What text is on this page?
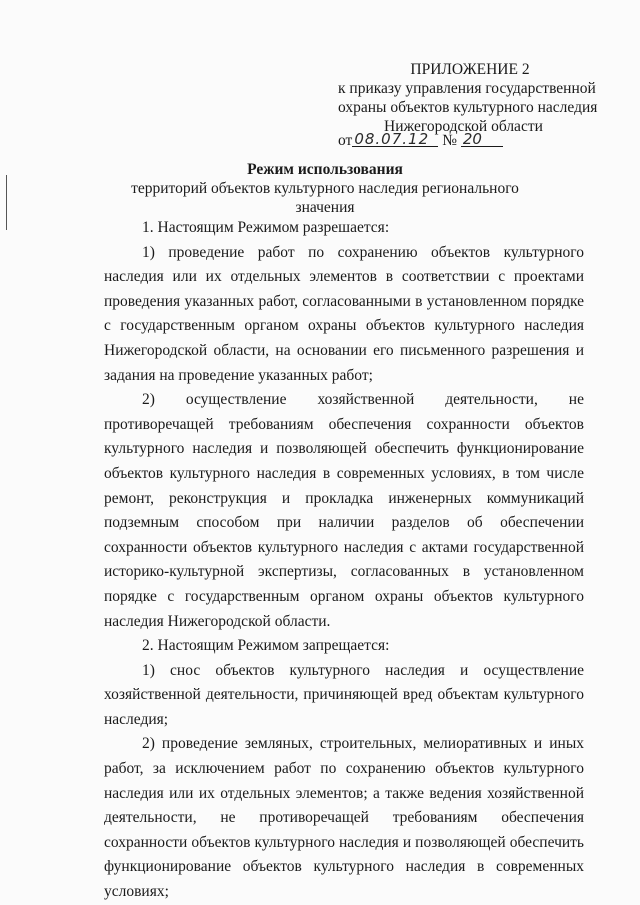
ПРИЛОЖЕНИЕ 2
к приказу управления государственной
охраны объектов культурного наследия
Нижегородской области
от 08.07.12 № 20
Режим использования
территорий объектов культурного наследия регионального значения

1. Настоящим Режимом разрешается:

1) проведение работ по сохранению объектов культурного наследия или их отдельных элементов в соответствии с проектами проведения указанных работ, согласованными в установленном порядке с государственным органом охраны объектов культурного наследия Нижегородской области, на основании его письменного разрешения и задания на проведение указанных работ;

2) осуществление хозяйственной деятельности, не противоречащей требованиям обеспечения сохранности объектов культурного наследия и позволяющей обеспечить функционирование объектов культурного наследия в современных условиях, в том числе ремонт, реконструкция и прокладка инженерных коммуникаций подземным способом при наличии разделов об обеспечении сохранности объектов культурного наследия с актами государственной историко-культурной экспертизы, согласованных в установленном порядке с государственным органом охраны объектов культурного наследия Нижегородской области.

2. Настоящим Режимом запрещается:

1) снос объектов культурного наследия и осуществление хозяйственной деятельности, причиняющей вред объектам культурного наследия;

2) проведение земляных, строительных, мелиоративных и иных работ, за исключением работ по сохранению объектов культурного наследия или их отдельных элементов; а также ведения хозяйственной деятельности, не противоречащей требованиям обеспечения сохранности объектов культурного наследия и позволяющей обеспечить функционирование объектов культурного наследия в современных условиях;
